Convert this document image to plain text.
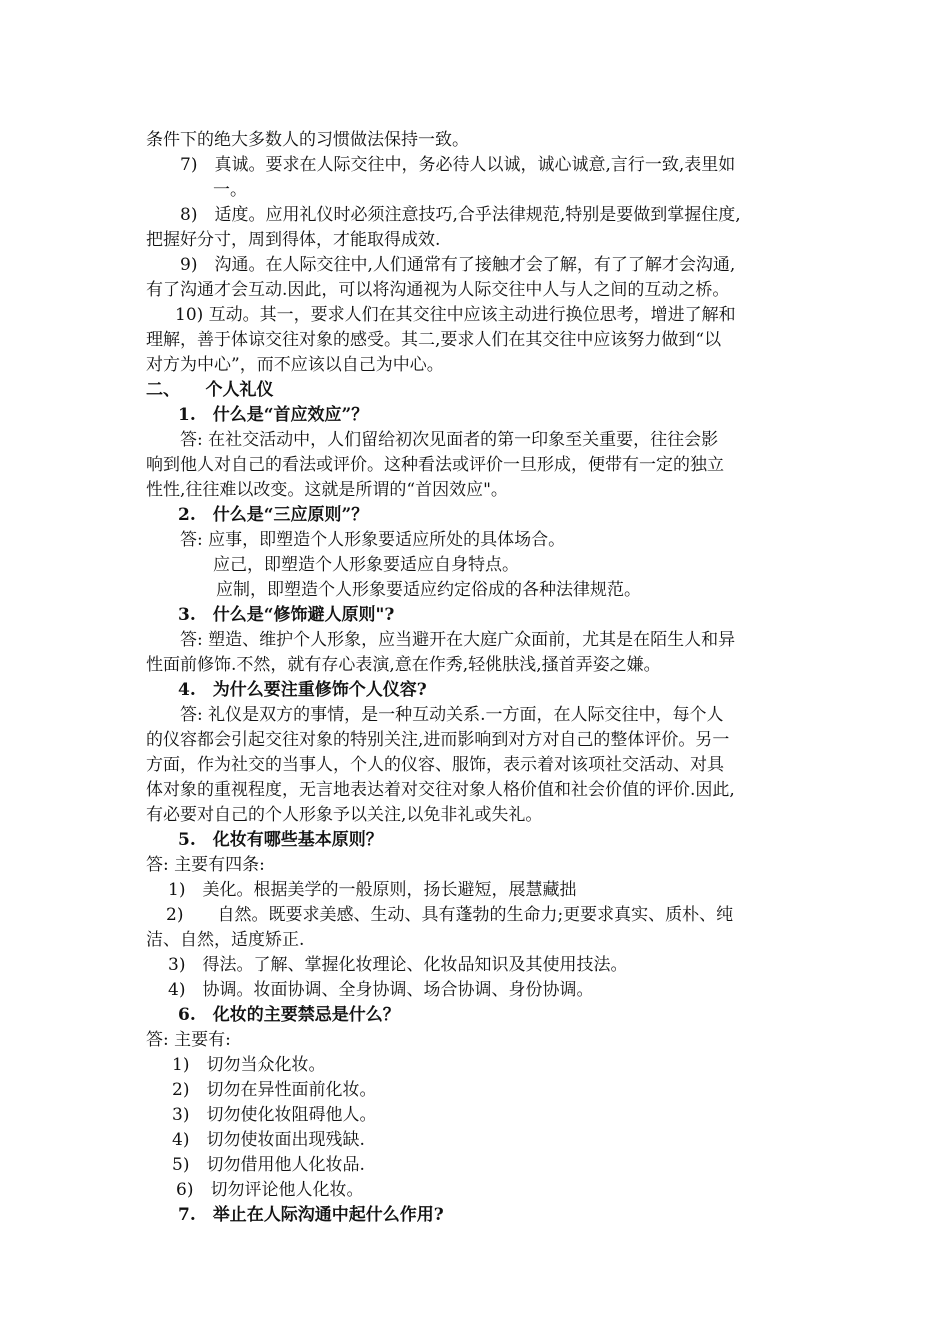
条件下的绝大多数人的习惯做法保持一致。
7)　真诚。要求在人际交往中，务必待人以诚，诚心诚意,言行一致,表里如
一。
8)　适度。应用礼仪时必须注意技巧,合乎法律规范,特别是要做到掌握住度,
把握好分寸，周到得体，才能取得成效.
9)　沟通。在人际交往中,人们通常有了接触才会了解，有了了解才会沟通,
有了沟通才会互动.因此，可以将沟通视为人际交往中人与人之间的互动之桥。
10) 互动。其一，要求人们在其交往中应该主动进行换位思考，增进了解和
理解，善于体谅交往对象的感受。其二,要求人们在其交往中应该努力做到“以
对方为中心”，而不应该以自己为中心。
二、　　个人礼仪
1.　什么是“首应效应”？
答: 在社交活动中，人们留给初次见面者的第一印象至关重要，往往会影
响到他人对自己的看法或评价。这种看法或评价一旦形成，便带有一定的独立
性性,往往难以改变。这就是所谓的“首因效应"。
2.　什么是“三应原则”？
答: 应事，即塑造个人形象要适应所处的具体场合。
应己，即塑造个人形象要适应自身特点。
应制，即塑造个人形象要适应约定俗成的各种法律规范。
3.　什么是“修饰避人原则"?
答: 塑造、维护个人形象，应当避开在大庭广众面前，尤其是在陌生人和异
性面前修饰.不然，就有存心表演,意在作秀,轻佻肤浅,搔首弄姿之嫌。
4.　为什么要注重修饰个人仪容?
答: 礼仪是双方的事情，是一种互动关系.一方面，在人际交往中，每个人
的仪容都会引起交往对象的特别关注,进而影响到对方对自己的整体评价。另一
方面，作为社交的当事人，个人的仪容、服饰，表示着对该项社交活动、对具
体对象的重视程度，无言地表达着对交往对象人格价值和社会价值的评价.因此,
有必要对自己的个人形象予以关注,以免非礼或失礼。
5.　化妆有哪些基本原则？
答: 主要有四条:
1)　美化。根据美学的一般原则，扬长避短，展慧藏拙
2)　　自然。既要求美感、生动、具有蓬勃的生命力;更要求真实、质朴、纯
洁、自然，适度矫正.
3)　得法。了解、掌握化妆理论、化妆品知识及其使用技法。
4)　协调。妆面协调、全身协调、场合协调、身份协调。
6.　化妆的主要禁忌是什么？
答: 主要有:
1)　切勿当众化妆。
2)　切勿在异性面前化妆。
3)　切勿使化妆阻碍他人。
4)　切勿使妆面出现残缺.
5)　切勿借用他人化妆品.
6)　切勿评论他人化妆。
7.　举止在人际沟通中起什么作用?
